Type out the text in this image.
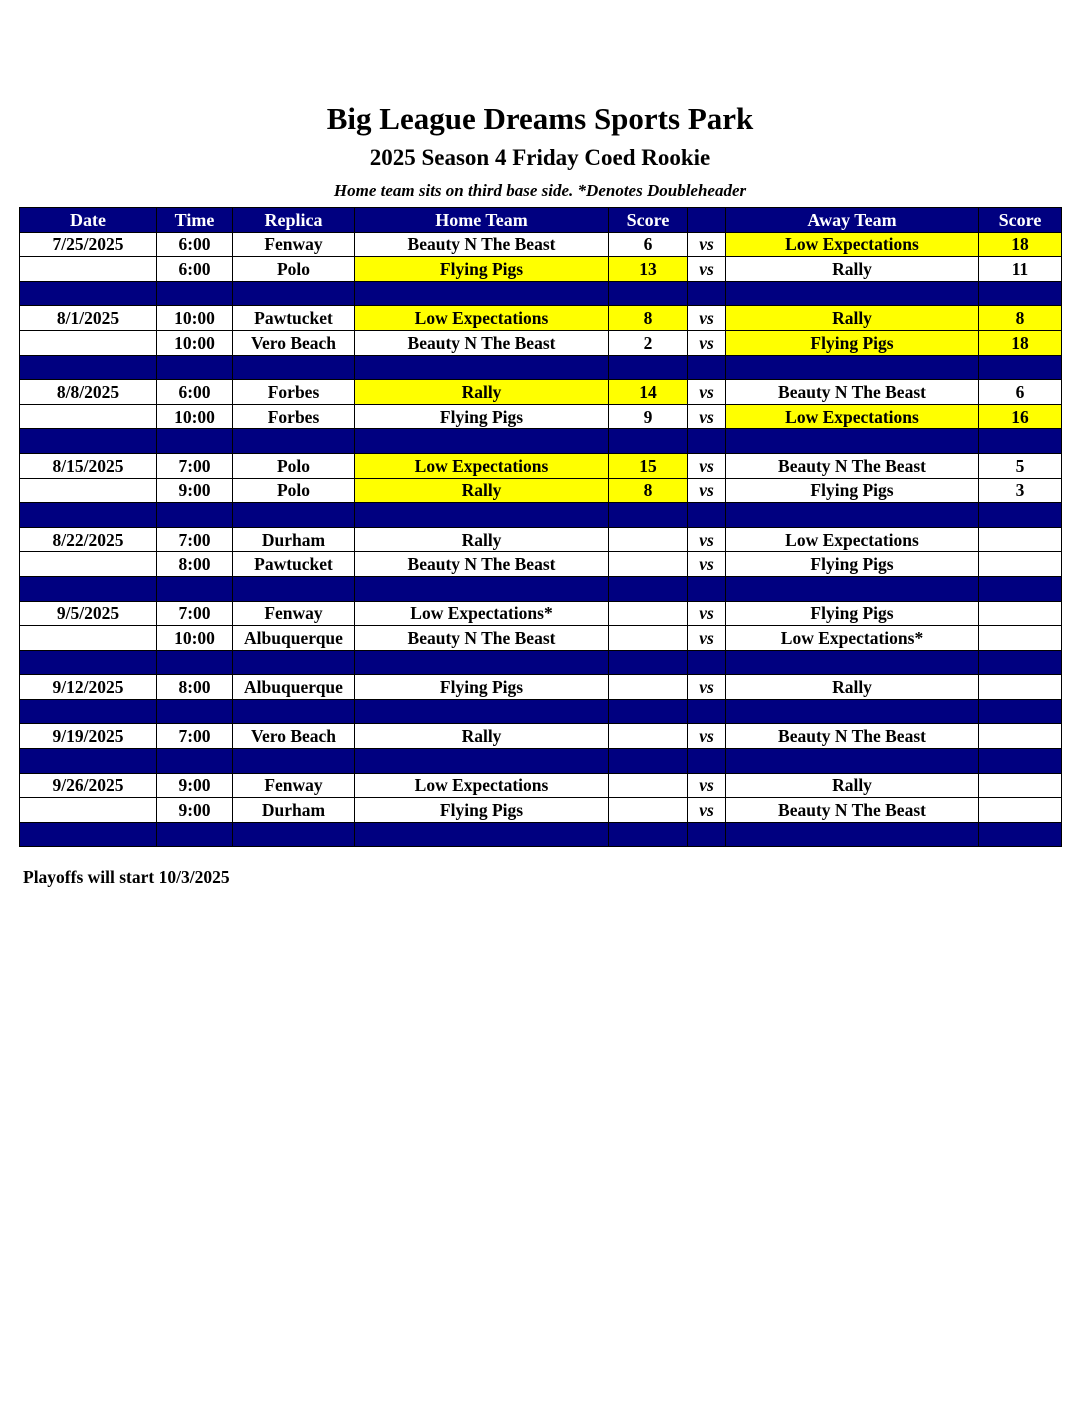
Big League Dreams Sports Park
2025 Season 4 Friday Coed Rookie
Home team sits on third base side. *Denotes Doubleheader
Date	Time	Replica	Home Team	Score		Away Team	Score
7/25/2025	6:00	Fenway	Beauty N The Beast	6	vs	Low Expectations	18
	6:00	Polo	Flying Pigs	13	vs	Rally	11

8/1/2025	10:00	Pawtucket	Low Expectations	8	vs	Rally	8
	10:00	Vero Beach	Beauty N The Beast	2	vs	Flying Pigs	18

8/8/2025	6:00	Forbes	Rally	14	vs	Beauty N The Beast	6
	10:00	Forbes	Flying Pigs	9	vs	Low Expectations	16

8/15/2025	7:00	Polo	Low Expectations	15	vs	Beauty N The Beast	5
	9:00	Polo	Rally	8	vs	Flying Pigs	3

8/22/2025	7:00	Durham	Rally		vs	Low Expectations	
	8:00	Pawtucket	Beauty N The Beast		vs	Flying Pigs	

9/5/2025	7:00	Fenway	Low Expectations*		vs	Flying Pigs	
	10:00	Albuquerque	Beauty N The Beast		vs	Low Expectations*	

9/12/2025	8:00	Albuquerque	Flying Pigs		vs	Rally	

9/19/2025	7:00	Vero Beach	Rally		vs	Beauty N The Beast	

9/26/2025	9:00	Fenway	Low Expectations		vs	Rally	
	9:00	Durham	Flying Pigs		vs	Beauty N The Beast	

Playoffs will start 10/3/2025
